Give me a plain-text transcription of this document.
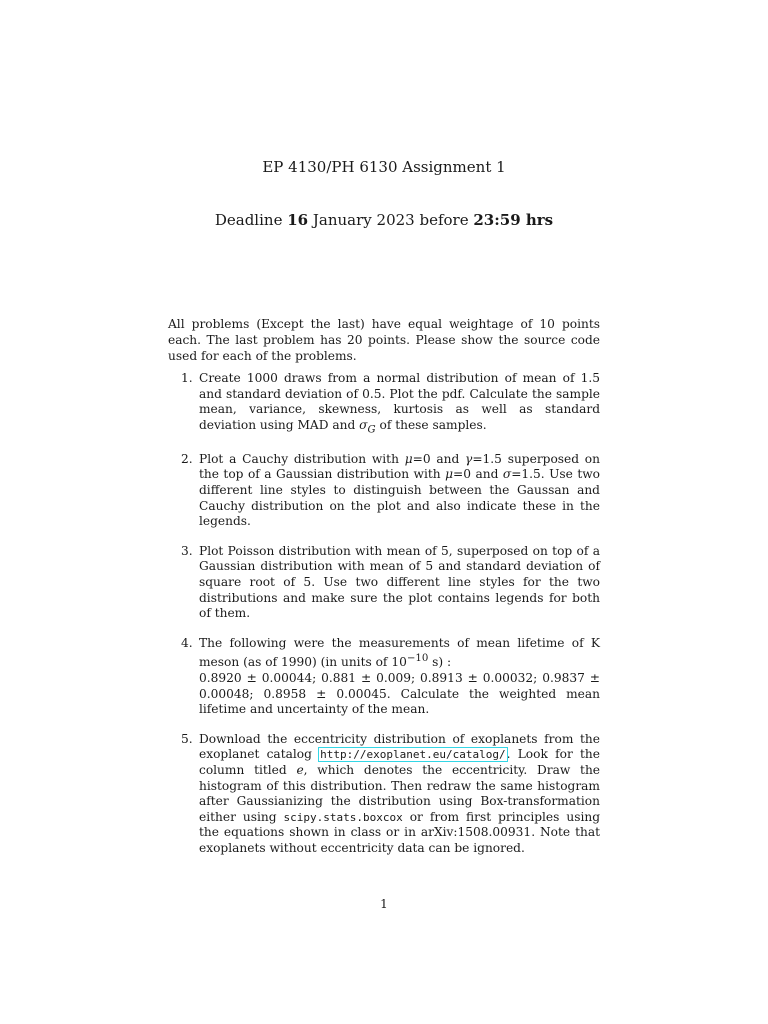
EP 4130/PH 6130 Assignment 1
Deadline 16 January 2023 before 23:59 hrs
All problems (Except the last) have equal weightage of 10 points each. The last problem has 20 points. Please show the source code used for each of the problems.
1. Create 1000 draws from a normal distribution of mean of 1.5 and standard deviation of 0.5. Plot the pdf. Calculate the sample mean, variance, skewness, kurtosis as well as standard deviation using MAD and $\sigma_G$ of these samples.
2. Plot a Cauchy distribution with μ=0 and γ=1.5 superposed on the top of a Gaussian distribution with μ=0 and σ=1.5. Use two different line styles to distinguish between the Gaussan and Cauchy distribution on the plot and also indicate these in the legends.
3. Plot Poisson distribution with mean of 5, superposed on top of a Gaussian distribution with mean of 5 and standard deviation of square root of 5. Use two different line styles for the two distributions and make sure the plot contains legends for both of them.
4. The following were the measurements of mean lifetime of K meson (as of 1990) (in units of $10^{-10}$ s) :
0.8920 ± 0.00044; 0.881 ± 0.009; 0.8913 ± 0.00032; 0.9837 ± 0.00048; 0.8958 ± 0.00045. Calculate the weighted mean lifetime and uncertainty of the mean.
5. Download the eccentricity distribution of exoplanets from the exoplanet catalog http://exoplanet.eu/catalog/. Look for the column titled e, which denotes the eccentricity. Draw the histogram of this distribution. Then redraw the same histogram after Gaussianizing the distribution using Box-transformation either using scipy.stats.boxcox or from first principles using the equations shown in class or in arXiv:1508.00931. Note that exoplanets without eccentricity data can be ignored.
1
